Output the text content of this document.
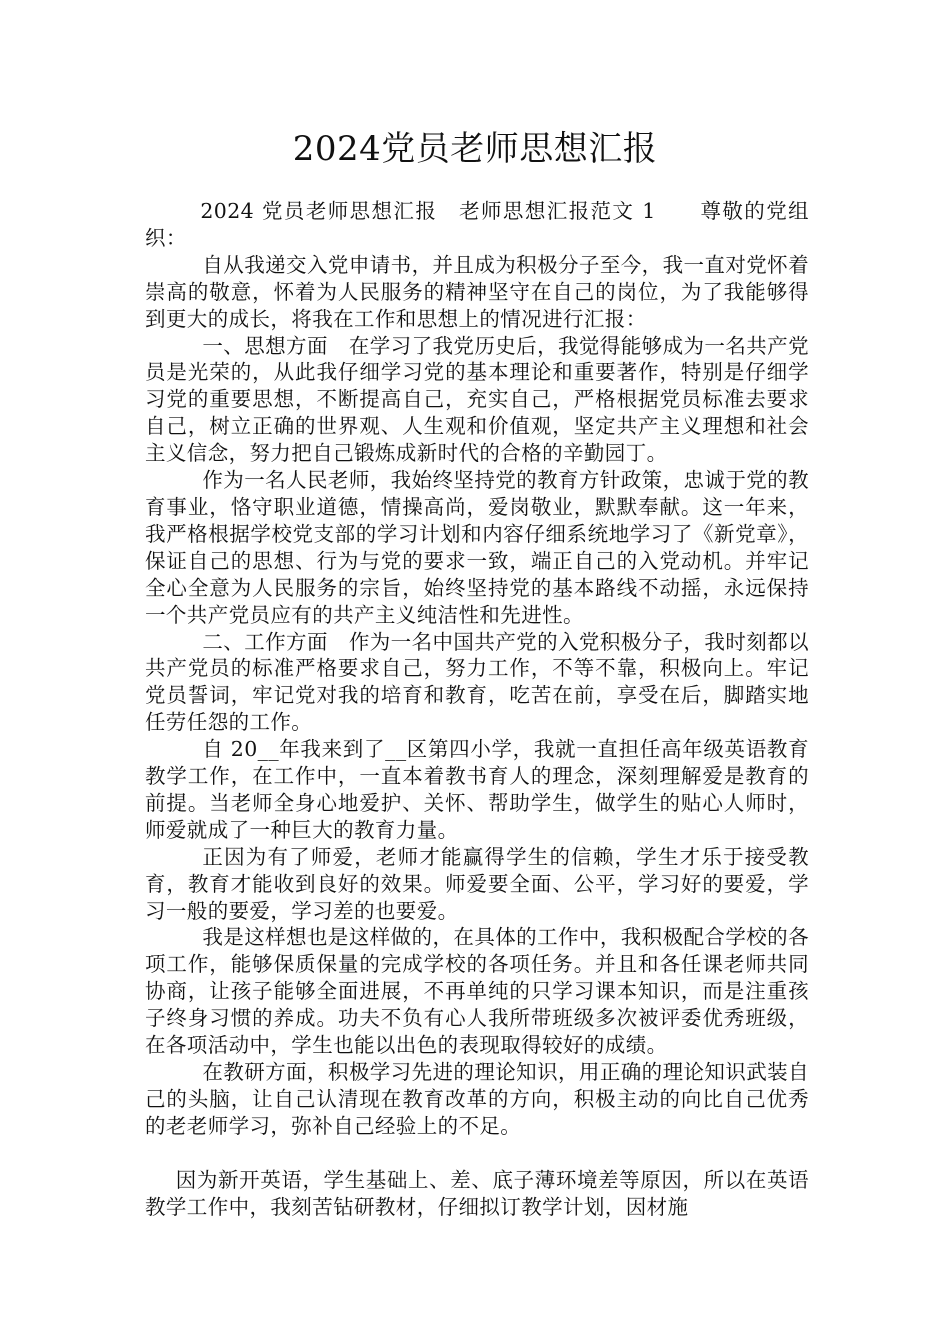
2024党员老师思想汇报

2024 党员老师思想汇报　老师思想汇报范文 1　　尊敬的党组织：

自从我递交入党申请书，并且成为积极分子至今，我一直对党怀着崇高的敬意，怀着为人民服务的精神坚守在自己的岗位，为了我能够得到更大的成长，将我在工作和思想上的情况进行汇报：

一、思想方面　在学习了我党历史后，我觉得能够成为一名共产党员是光荣的，从此我仔细学习党的基本理论和重要著作，特别是仔细学习党的重要思想，不断提高自己，充实自己，严格根据党员标准去要求自己，树立正确的世界观、人生观和价值观，坚定共产主义理想和社会主义信念，努力把自己锻炼成新时代的合格的辛勤园丁。

作为一名人民老师，我始终坚持党的教育方针政策，忠诚于党的教育事业，恪守职业道德，情操高尚，爱岗敬业，默默奉献。这一年来，我严格根据学校党支部的学习计划和内容仔细系统地学习了《新党章》，保证自己的思想、行为与党的要求一致，端正自己的入党动机。并牢记全心全意为人民服务的宗旨，始终坚持党的基本路线不动摇，永远保持一个共产党员应有的共产主义纯洁性和先进性。

二、工作方面　作为一名中国共产党的入党积极分子，我时刻都以共产党员的标准严格要求自己，努力工作，不等不靠，积极向上。牢记党员誓词，牢记党对我的培育和教育，吃苦在前，享受在后，脚踏实地任劳任怨的工作。

自 20__年我来到了__区第四小学，我就一直担任高年级英语教育教学工作，在工作中，一直本着教书育人的理念，深刻理解爱是教育的前提。当老师全身心地爱护、关怀、帮助学生，做学生的贴心人师时，师爱就成了一种巨大的教育力量。

正因为有了师爱，老师才能赢得学生的信赖，学生才乐于接受教育，教育才能收到良好的效果。师爱要全面、公平，学习好的要爱，学习一般的要爱，学习差的也要爱。

我是这样想也是这样做的，在具体的工作中，我积极配合学校的各项工作，能够保质保量的完成学校的各项任务。并且和各任课老师共同协商，让孩子能够全面进展，不再单纯的只学习课本知识，而是注重孩子终身习惯的养成。功夫不负有心人我所带班级多次被评委优秀班级，在各项活动中，学生也能以出色的表现取得较好的成绩。

在教研方面，积极学习先进的理论知识，用正确的理论知识武装自己的头脑，让自己认清现在教育改革的方向，积极主动的向比自己优秀的老老师学习，弥补自己经验上的不足。

因为新开英语，学生基础上、差、底子薄环境差等原因，所以在英语教学工作中，我刻苦钻研教材，仔细拟订教学计划，因材施
